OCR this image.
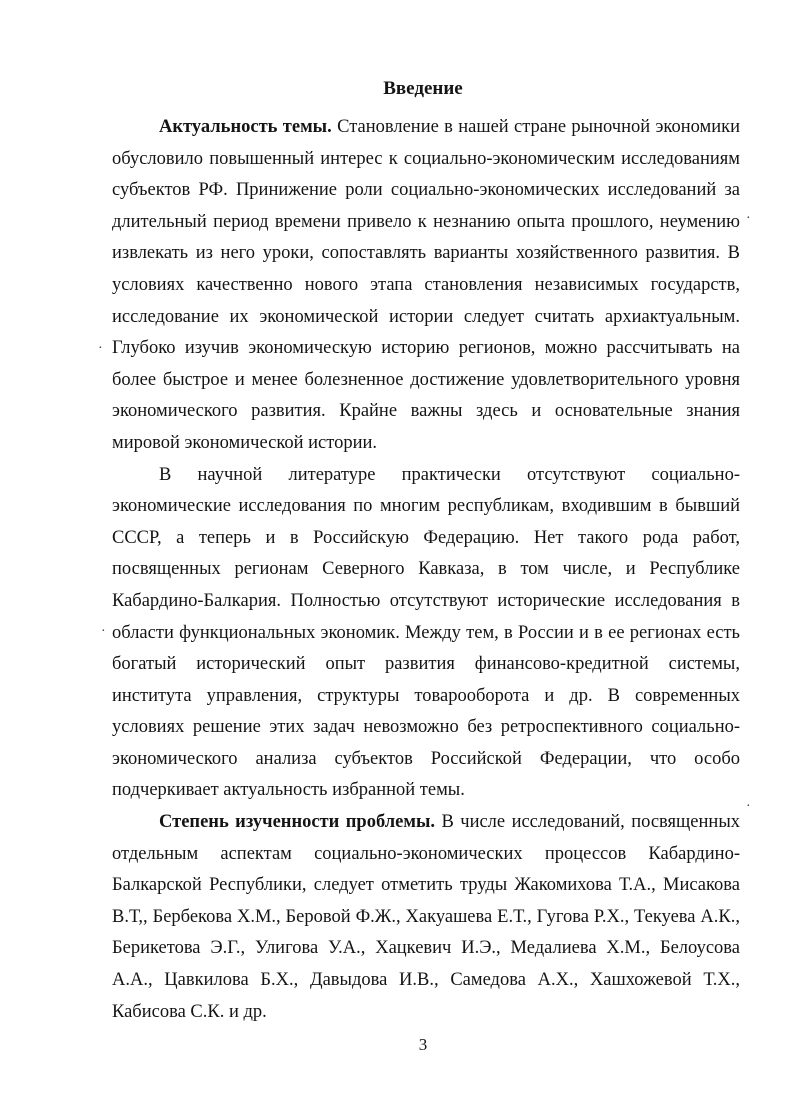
Введение

Актуальность темы. Становление в нашей стране рыночной экономики обусловило повышенный интерес к социально-экономическим исследованиям субъектов РФ. Принижение роли социально-экономических исследований за длительный период времени привело к незнанию опыта прошлого, неумению извлекать из него уроки, сопоставлять варианты хозяйственного развития. В условиях качественно нового этапа становления независимых государств, исследование их экономической истории следует считать архиактуальным. Глубоко изучив экономическую историю регионов, можно рассчитывать на более быстрое и менее болезненное достижение удовлетворительного уровня экономического развития. Крайне важны здесь и основательные знания мировой экономической истории.

В научной литературе практически отсутствуют социально-экономические исследования по многим республикам, входившим в бывший СССР, а теперь и в Российскую Федерацию. Нет такого рода работ, посвященных регионам Северного Кавказа, в том числе, и Республике Кабардино-Балкария. Полностью отсутствуют исторические исследования в области функциональных экономик. Между тем, в России и в ее регионах есть богатый исторический опыт развития финансово-кредитной системы, института управления, структуры товарооборота и др. В современных условиях решение этих задач невозможно без ретроспективного социально-экономического анализа субъектов Российской Федерации, что особо подчеркивает актуальность избранной темы.

Степень изученности проблемы. В числе исследований, посвященных отдельным аспектам социально-экономических процессов Кабардино-Балкарской Республики, следует отметить труды Жакомихова Т.А., Мисакова В.Т,, Бербекова Х.М., Беровой Ф.Ж., Хакуашева Е.Т., Гугова Р.Х., Текуева А.К., Берикетова Э.Г., Улигова У.А., Хацкевич И.Э., Медалиева Х.М., Белоусова А.А., Цавкилова Б.Х., Давыдова И.В., Самедова А.Х., Хашхожевой Т.Х., Кабисова С.К. и др.

3
·
·
·
·
